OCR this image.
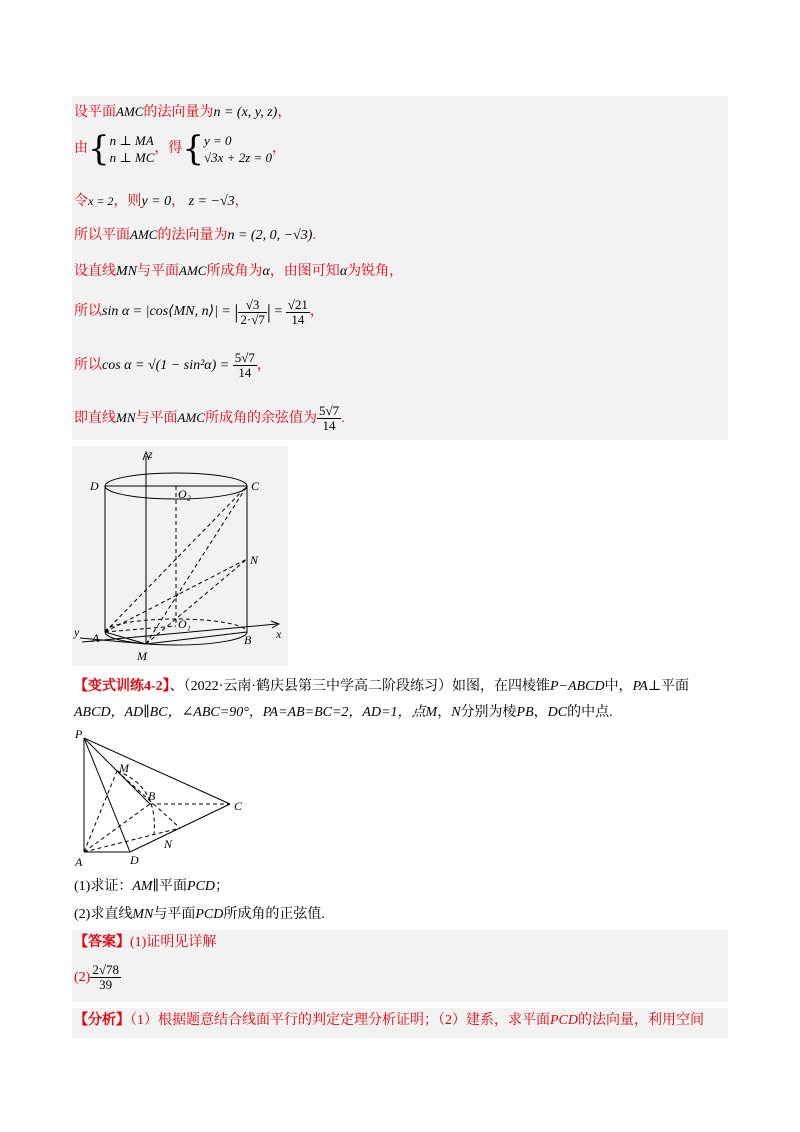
设平面AMC的法向量为n = (x, y, z)，
由{ n ⊥ MA
n ⊥ MC
，得{ y = 0
√3x + 2z = 0
，
令x = 2，则y = 0， z = −√3，
所以平面AMC的法向量为n = (2, 0, −√3).
设直线MN与平面AMC所成角为α，由图可知α为锐角，
所以sin α = |cos⟨MN, n⟩| = | $\frac{√3}{2\cdot√7}$ | = $\frac{√21}{14}$ ，
所以$\cos \alpha = √(1 - \sin^2\alpha) = \frac{5√7}{14}$ ，
即直线MN与平面AMC所成角的余弦值为 $\frac{5√7}{14}$ .
z
D	C
O₂
N
y A
O₁
B x
M
【变式训练4-2】、（2022·云南·鹤庆县第三中学高二阶段练习）如图，在四棱锥P−ABCD中，PA⊥平面
ABCD，AD∥BC，∠ABC=90°，PA=AB=BC=2，AD=1，点M，N分别为棱PB，DC的中点.
P
M
B
C
A	D
N
(1)求证：AM∥平面PCD；
(2)求直线MN与平面PCD所成角的正弦值.
【答案】(1)证明见详解
$(2) \frac{2√78}{39}$
【分析】（1）根据题意结合线面平行的判定定理分析证明；（2）建系，求平面PCD的法向量，利用空间
